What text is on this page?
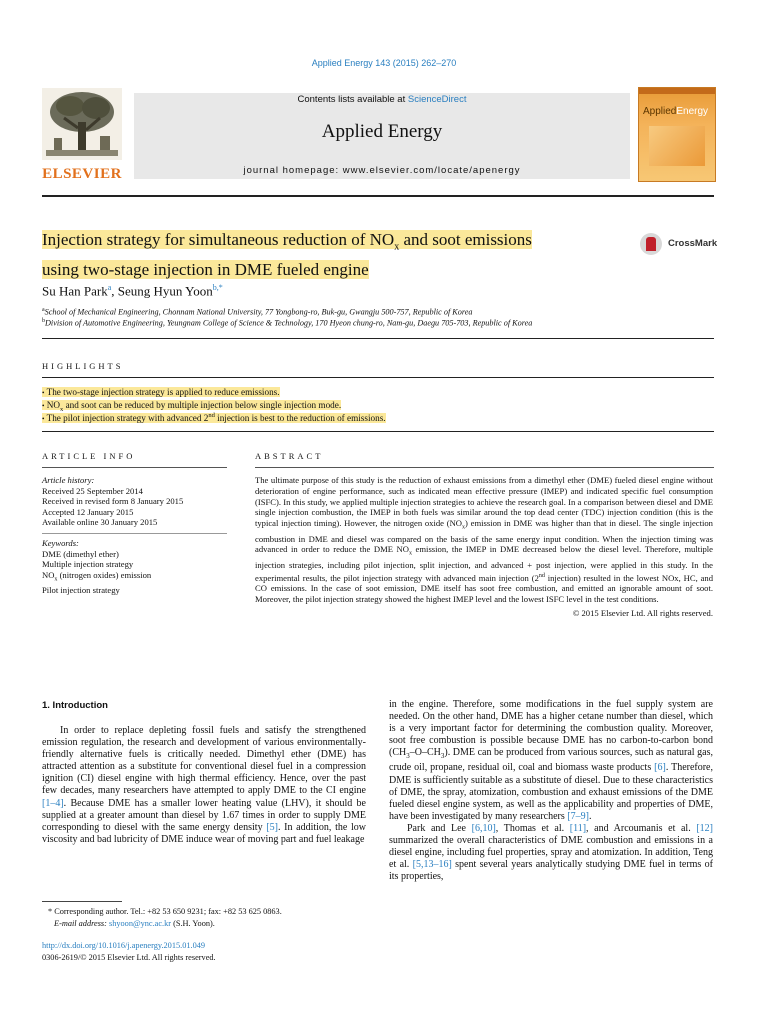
Applied Energy 143 (2015) 262–270
ELSEVIER
Contents lists available at ScienceDirect
Applied Energy
journal homepage: www.elsevier.com/locate/apenergy
AppliedEnergy
Injection strategy for simultaneous reduction of $NO_x$ and soot emissions
using two-stage injection in DME fueled engine
CrossMark
Su Han Park$^a$, Seung Hyun Yoon$^{b,*}$
$^a$School of Mechanical Engineering, Chonnam National University, 77 Yongbong-ro, Buk-gu, Gwangju 500-757, Republic of Korea
$^b$Division of Automotive Engineering, Yeungnam College of Science & Technology, 170 Hyeon chung-ro, Nam-gu, Daegu 705-703, Republic of Korea
HIGHLIGHTS
• The two-stage injection strategy is applied to reduce emissions.
• $NO_x$ and soot can be reduced by multiple injection below single injection mode.
• The pilot injection strategy with advanced 2nd injection is best to the reduction of emissions.
ARTICLE INFO	ABSTRACT
Article history:
Received 25 September 2014
Received in revised form 8 January 2015
Accepted 12 January 2015
Available online 30 January 2015
Keywords:
DME (dimethyl ether)
Multiple injection strategy
$NO_x$ (nitrogen oxides) emission
Pilot injection strategy

The ultimate purpose of this study is the reduction of exhaust emissions from a dimethyl ether (DME) fueled diesel engine without deterioration of engine performance, such as indicated mean effective pressure (IMEP) and indicated specific fuel consumption (ISFC). In this study, we applied multiple injection strategies to achieve the research goal. In a comparison between diesel and DME single injection combustion, the IMEP in both fuels was similar around the top dead center (TDC) injection condition (this is the typical injection timing). However, the nitrogen oxide $(NO_x)$ emission in DME was higher than that in diesel. The single injection combustion in DME and diesel was compared on the basis of the same energy input condition. When the injection timing was advanced in order to reduce the DME $NO_x$ emission, the IMEP in DME decreased below the diesel level. Therefore, multiple injection strategies, including pilot injection, split injection, and advanced + post injection, were applied in this study. In the experimental results, the pilot injection strategy with advanced main injection (2nd injection) resulted in the lowest NOx, HC, and CO emissions. In the case of soot emission, DME itself has soot free combustion, and emitted an ignorable amount of soot. Moreover, the pilot injection strategy showed the highest IMEP level and the lowest ISFC level in the test conditions.

© 2015 Elsevier Ltd. All rights reserved.
1. Introduction

In order to replace depleting fossil fuels and satisfy the strengthened emission regulation, the research and development of various environmentally-friendly alternative fuels is critically needed. Dimethyl ether (DME) has attracted attention as a substitute for conventional diesel fuel in a compression ignition (CI) diesel engine with high thermal efficiency. Hence, over the past few decades, many researchers have attempted to apply DME to the CI engine [1–4]. Because DME has a smaller lower heating value (LHV), it should be supplied at a greater amount than diesel by 1.67 times in order to supply DME corresponding to diesel with the same energy density [5]. In addition, the low viscosity and bad lubricity of DME induce wear of moving part and fuel leakage

in the engine. Therefore, some modifications in the fuel supply system are needed. On the other hand, DME has a higher cetane number than diesel, which is a very important factor for determining the combustion quality. Moreover, soot free combustion is possible because DME has no carbon-to-carbon bond $(CH_3-O-CH_3)$. DME can be produced from various sources, such as natural gas, crude oil, propane, residual oil, coal and biomass waste products [6]. Therefore, DME is sufficiently suitable as a substitute of diesel. Due to these characteristics of DME, the spray, atomization, combustion and exhaust emissions of the DME fueled diesel engine system, as well as the applicability and properties of DME, have been investigated by many researchers [7–9].

Park and Lee [6,10], Thomas et al. [11], and Arcoumanis et al. [12] summarized the overall characteristics of DME combustion and emissions in a diesel engine, including fuel properties, spray and atomization. In addition, Teng et al. [5,13–16] spent several years analytically studying DME fuel in terms of its properties,

* Corresponding author. Tel.: +82 53 650 9231; fax: +82 53 625 0863.
E-mail address: shyoon@ync.ac.kr (S.H. Yoon).
http://dx.doi.org/10.1016/j.apenergy.2015.01.049
0306-2619/© 2015 Elsevier Ltd. All rights reserved.
